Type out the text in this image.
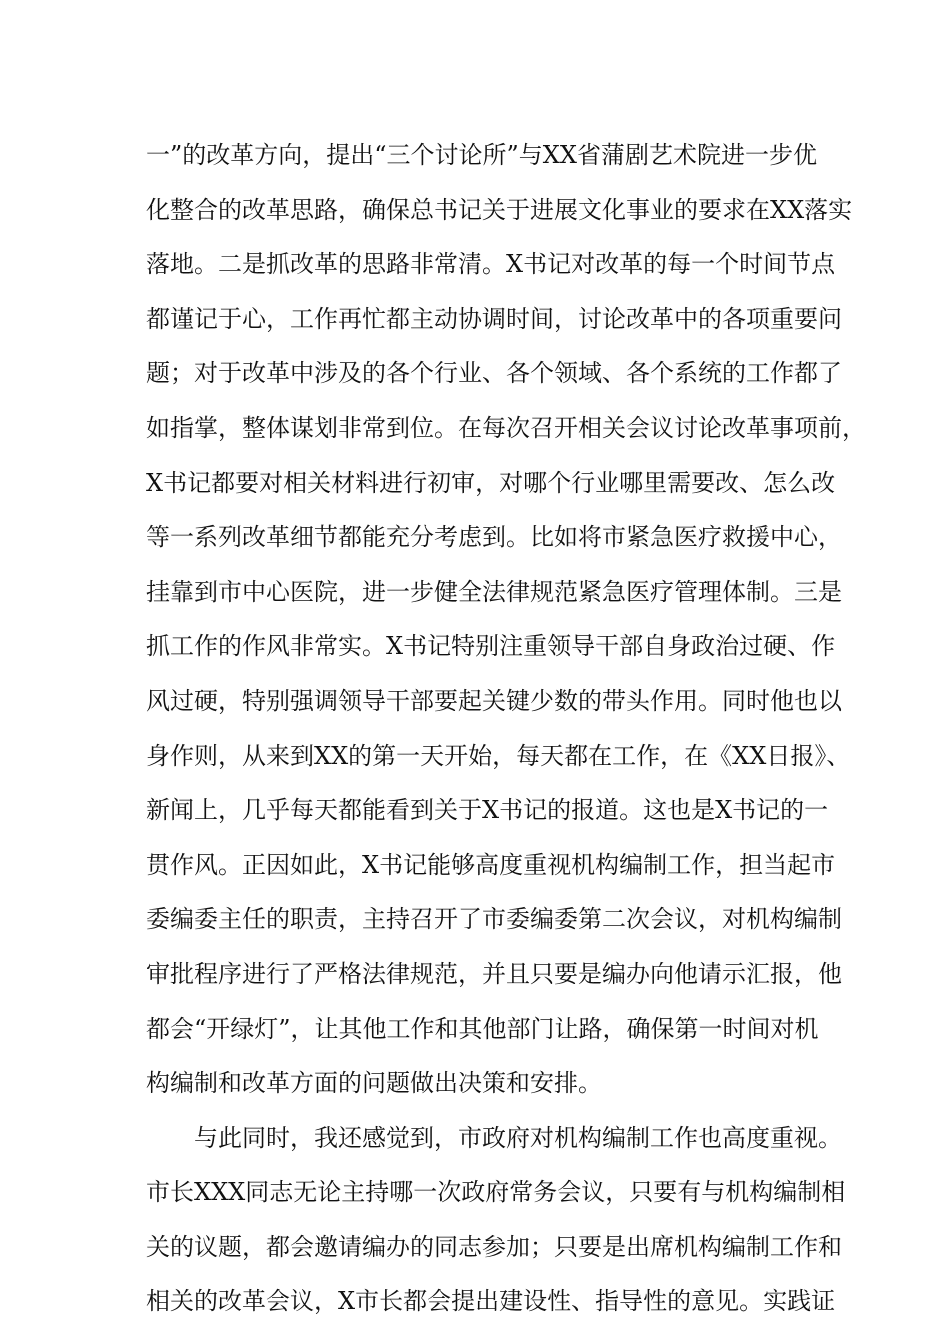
一”的改革方向，提出“三个讨论所”与XX省蒲剧艺术院进一步优
化整合的改革思路，确保总书记关于进展文化事业的要求在XX落实
落地。二是抓改革的思路非常清。X书记对改革的每一个时间节点
都谨记于心，工作再忙都主动协调时间，讨论改革中的各项重要问
题；对于改革中涉及的各个行业、各个领域、各个系统的工作都了
如指掌，整体谋划非常到位。在每次召开相关会议讨论改革事项前，
X书记都要对相关材料进行初审，对哪个行业哪里需要改、怎么改
等一系列改革细节都能充分考虑到。比如将市紧急医疗救援中心，
挂靠到市中心医院，进一步健全法律规范紧急医疗管理体制。三是
抓工作的作风非常实。X书记特别注重领导干部自身政治过硬、作
风过硬，特别强调领导干部要起关键少数的带头作用。同时他也以
身作则，从来到XX的第一天开始，每天都在工作，在《XX日报》、
新闻上，几乎每天都能看到关于X书记的报道。这也是X书记的一
贯作风。正因如此，X书记能够高度重视机构编制工作，担当起市
委编委主任的职责，主持召开了市委编委第二次会议，对机构编制
审批程序进行了严格法律规范，并且只要是编办向他请示汇报，他
都会“开绿灯”，让其他工作和其他部门让路，确保第一时间对机
构编制和改革方面的问题做出决策和安排。
与此同时，我还感觉到，市政府对机构编制工作也高度重视。
市长XXX同志无论主持哪一次政府常务会议，只要有与机构编制相
关的议题，都会邀请编办的同志参加；只要是出席机构编制工作和
相关的改革会议，X市长都会提出建设性、指导性的意见。实践证
